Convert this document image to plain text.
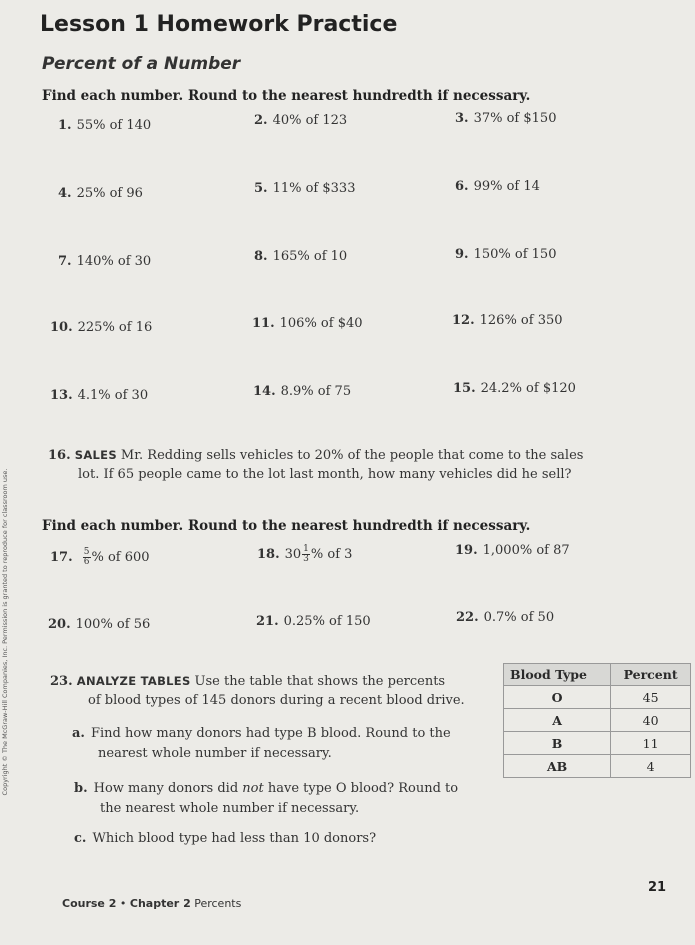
Lesson 1 Homework Practice
Percent of a Number
Find each number. Round to the nearest hundredth if necessary.
1. 55% of 140	2. 40% of 123	3. 37% of $150
4. 25% of 96	5. 11% of $333	6. 99% of 14
7. 140% of 30	8. 165% of 10	9. 150% of 150
10. 225% of 16	11. 106% of $40	12. 126% of 350
13. 4.1% of 30	14. 8.9% of 75	15. 24.2% of $120
16. SALES Mr. Redding sells vehicles to 20% of the people that come to the sales
lot. If 65 people came to the lot last month, how many vehicles did he sell?
Find each number. Round to the nearest hundredth if necessary.
17. $\frac{5}{6}$ % of 600	18. $30 \frac{1}{3}$ % of 3	19. 1,000% of 87
20. 100% of 56	21. 0.25% of 150	22. 0.7% of 50
23. ANALYZE TABLES Use the table that shows the percents
of blood types of 145 donors during a recent blood drive.
a. Find how many donors had type B blood. Round to the
nearest whole number if necessary.
b. How many donors did not have type O blood? Round to
the nearest whole number if necessary.
c. Which blood type had less than 10 donors?
Blood Type	Percent
O	45
A	40
B	11
AB	4
Course 2 • Chapter 2 Percents
21
Copyright © The McGraw-Hill Companies, Inc. Permission is granted to reproduce for classroom use.
